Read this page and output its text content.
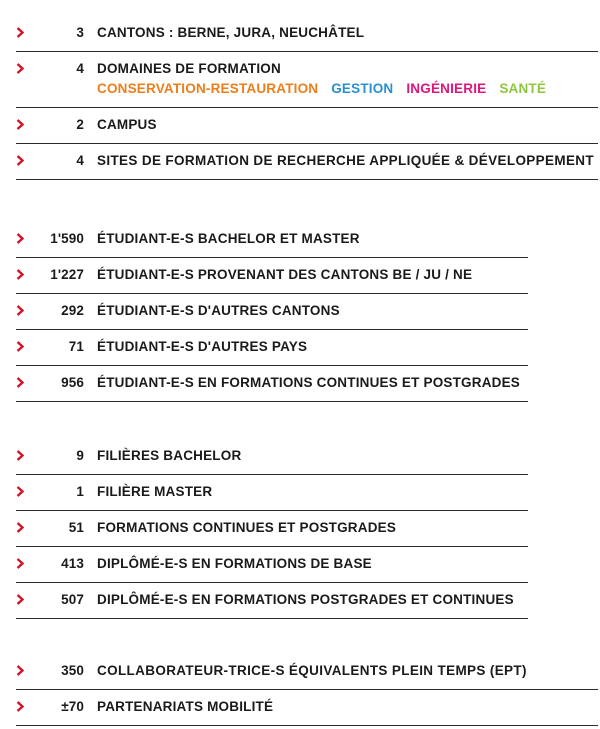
3 CANTONS : BERNE, JURA, NEUCHÂTEL
4 DOMAINES DE FORMATION
CONSERVATION-RESTAURATION GESTION INGÉNIERIE SANTÉ
2 CAMPUS
4 SITES DE FORMATION DE RECHERCHE APPLIQUÉE & DÉVELOPPEMENT
1'590 ÉTUDIANT-E-S BACHELOR ET MASTER
1'227 ÉTUDIANT-E-S PROVENANT DES CANTONS BE / JU / NE
292 ÉTUDIANT-E-S D'AUTRES CANTONS
71 ÉTUDIANT-E-S D'AUTRES PAYS
956 ÉTUDIANT-E-S EN FORMATIONS CONTINUES ET POSTGRADES
9 FILIÈRES BACHELOR
1 FILIÈRE MASTER
51 FORMATIONS CONTINUES ET POSTGRADES
413 DIPLÔMÉ-E-S EN FORMATIONS DE BASE
507 DIPLÔMÉ-E-S EN FORMATIONS POSTGRADES ET CONTINUES
350 COLLABORATEUR-TRICE-S ÉQUIVALENTS PLEIN TEMPS (EPT)
±70 PARTENARIATS MOBILITÉ
